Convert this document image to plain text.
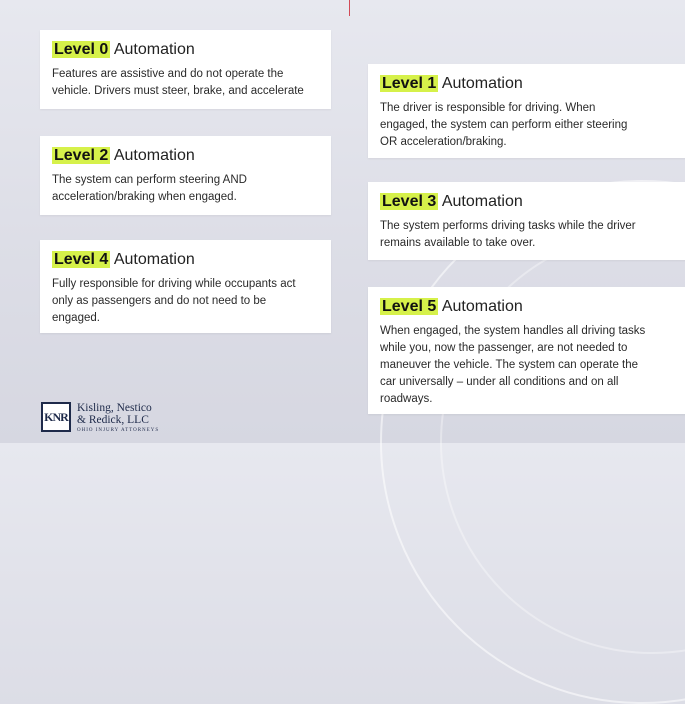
Level 0 Automation
Features are assistive and do not operate the vehicle. Drivers must steer, brake, and accelerate	Level 1 Automation
The driver is responsible for driving. When engaged, the system can perform either steering OR acceleration/braking.
Level 2 Automation
The system can perform steering AND acceleration/braking when engaged.	Level 3 Automation
The system performs driving tasks while the driver remains available to take over.
Level 4 Automation
Fully responsible for driving while occupants act only as passengers and do not need to be engaged.
Level 5 Automation
When engaged, the system handles all driving tasks while you, now the passenger, are not needed to maneuver the vehicle. The system can operate the car universally – under all conditions and on all roadways.
KNR
Kisling, Nestico
& Redick, LLC
OHIO INJURY ATTORNEYS
